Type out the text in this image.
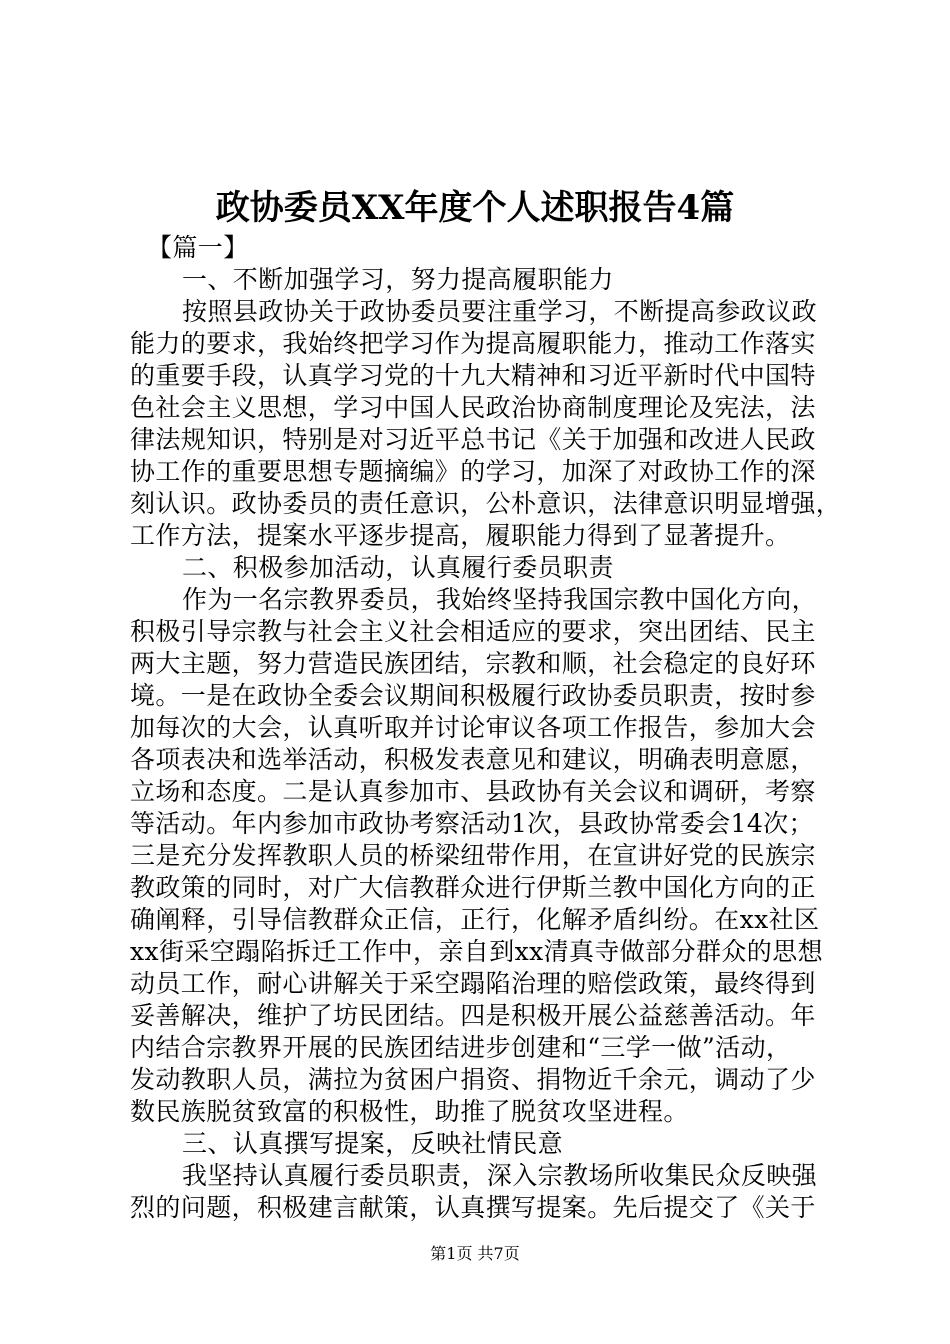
政协委员XX年度个人述职报告4篇
【篇一】
一、不断加强学习，努力提高履职能力
按照县政协关于政协委员要注重学习，不断提高参政议政
能力的要求，我始终把学习作为提高履职能力，推动工作落实
的重要手段，认真学习党的十九大精神和习近平新时代中国特
色社会主义思想，学习中国人民政治协商制度理论及宪法，法
律法规知识，特别是对习近平总书记《关于加强和改进人民政
协工作的重要思想专题摘编》的学习，加深了对政协工作的深
刻认识。政协委员的责任意识，公朴意识，法律意识明显增强，
工作方法，提案水平逐步提高，履职能力得到了显著提升。
二、积极参加活动，认真履行委员职责
作为一名宗教界委员，我始终坚持我国宗教中国化方向，
积极引导宗教与社会主义社会相适应的要求，突出团结、民主
两大主题，努力营造民族团结，宗教和顺，社会稳定的良好环
境。一是在政协全委会议期间积极履行政协委员职责，按时参
加每次的大会，认真听取并讨论审议各项工作报告，参加大会
各项表决和选举活动，积极发表意见和建议，明确表明意愿，
立场和态度。二是认真参加市、县政协有关会议和调研，考察
等活动。年内参加市政协考察活动1次，县政协常委会14次；
三是充分发挥教职人员的桥梁纽带作用，在宣讲好党的民族宗
教政策的同时，对广大信教群众进行伊斯兰教中国化方向的正
确阐释，引导信教群众正信，正行，化解矛盾纠纷。在xx社区
xx街采空蹋陷拆迁工作中，亲自到xx清真寺做部分群众的思想
动员工作，耐心讲解关于采空蹋陷治理的赔偿政策，最终得到
妥善解决，维护了坊民团结。四是积极开展公益慈善活动。年
内结合宗教界开展的民族团结进步创建和“三学一做”活动，
发动教职人员，满拉为贫困户捐资、捐物近千余元，调动了少
数民族脱贫致富的积极性，助推了脱贫攻坚进程。
三、认真撰写提案，反映社情民意
我坚持认真履行委员职责，深入宗教场所收集民众反映强
烈的问题，积极建言献策，认真撰写提案。先后提交了《关于
第1页 共7页
